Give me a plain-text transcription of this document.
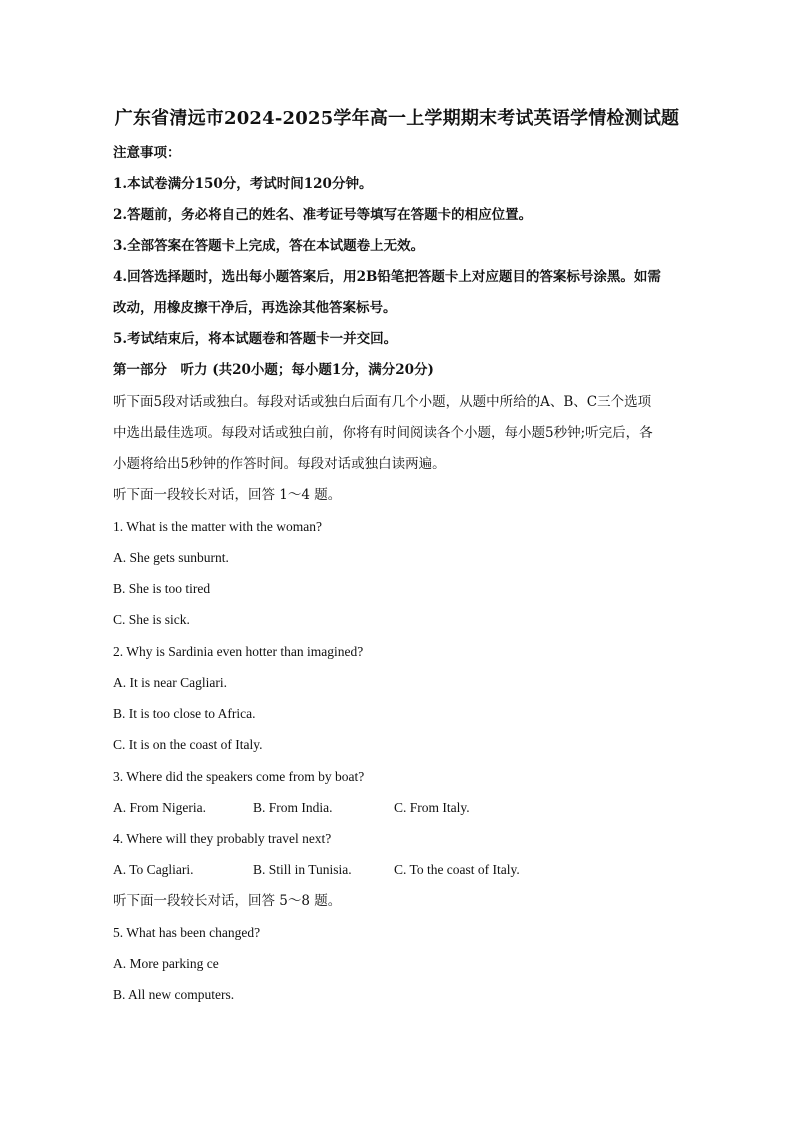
广东省清远市2024-2025学年高一上学期期末考试英语学情检测试题
注意事项：
1.本试卷满分150分，考试时间120分钟。
2.答题前，务必将自己的姓名、准考证号等填写在答题卡的相应位置。
3.全部答案在答题卡上完成，答在本试题卷上无效。
4.回答选择题时，选出每小题答案后，用2B铅笔把答题卡上对应题目的答案标号涂黑。如需
改动，用橡皮擦干净后，再选涂其他答案标号。
5.考试结束后，将本试题卷和答题卡一并交回。
第一部分　听力 (共20小题；每小题1分，满分20分)
听下面5段对话或独白。每段对话或独白后面有几个小题，从题中所给的A、B、C三个选项
中选出最佳选项。每段对话或独白前，你将有时间阅读各个小题，每小题5秒钟;听完后，各
小题将给出5秒钟的作答时间。每段对话或独白读两遍。
听下面一段较长对话，回答 1～4 题。
1. What is the matter with the woman?
A. She gets sunburnt.
B. She is too tired
C. She is sick.
2. Why is Sardinia even hotter than imagined?
A. It is near Cagliari.
B. It is too close to Africa.
C. It is on the coast of Italy.
3. Where did the speakers come from by boat?
A. From Nigeria.	B. From India.	C. From Italy.
4. Where will they probably travel next?
A. To Cagliari.	B. Still in Tunisia.	C. To the coast of Italy.
听下面一段较长对话，回答 5～8 题。
5. What has been changed?
A. More parking ce
B. All new computers.
